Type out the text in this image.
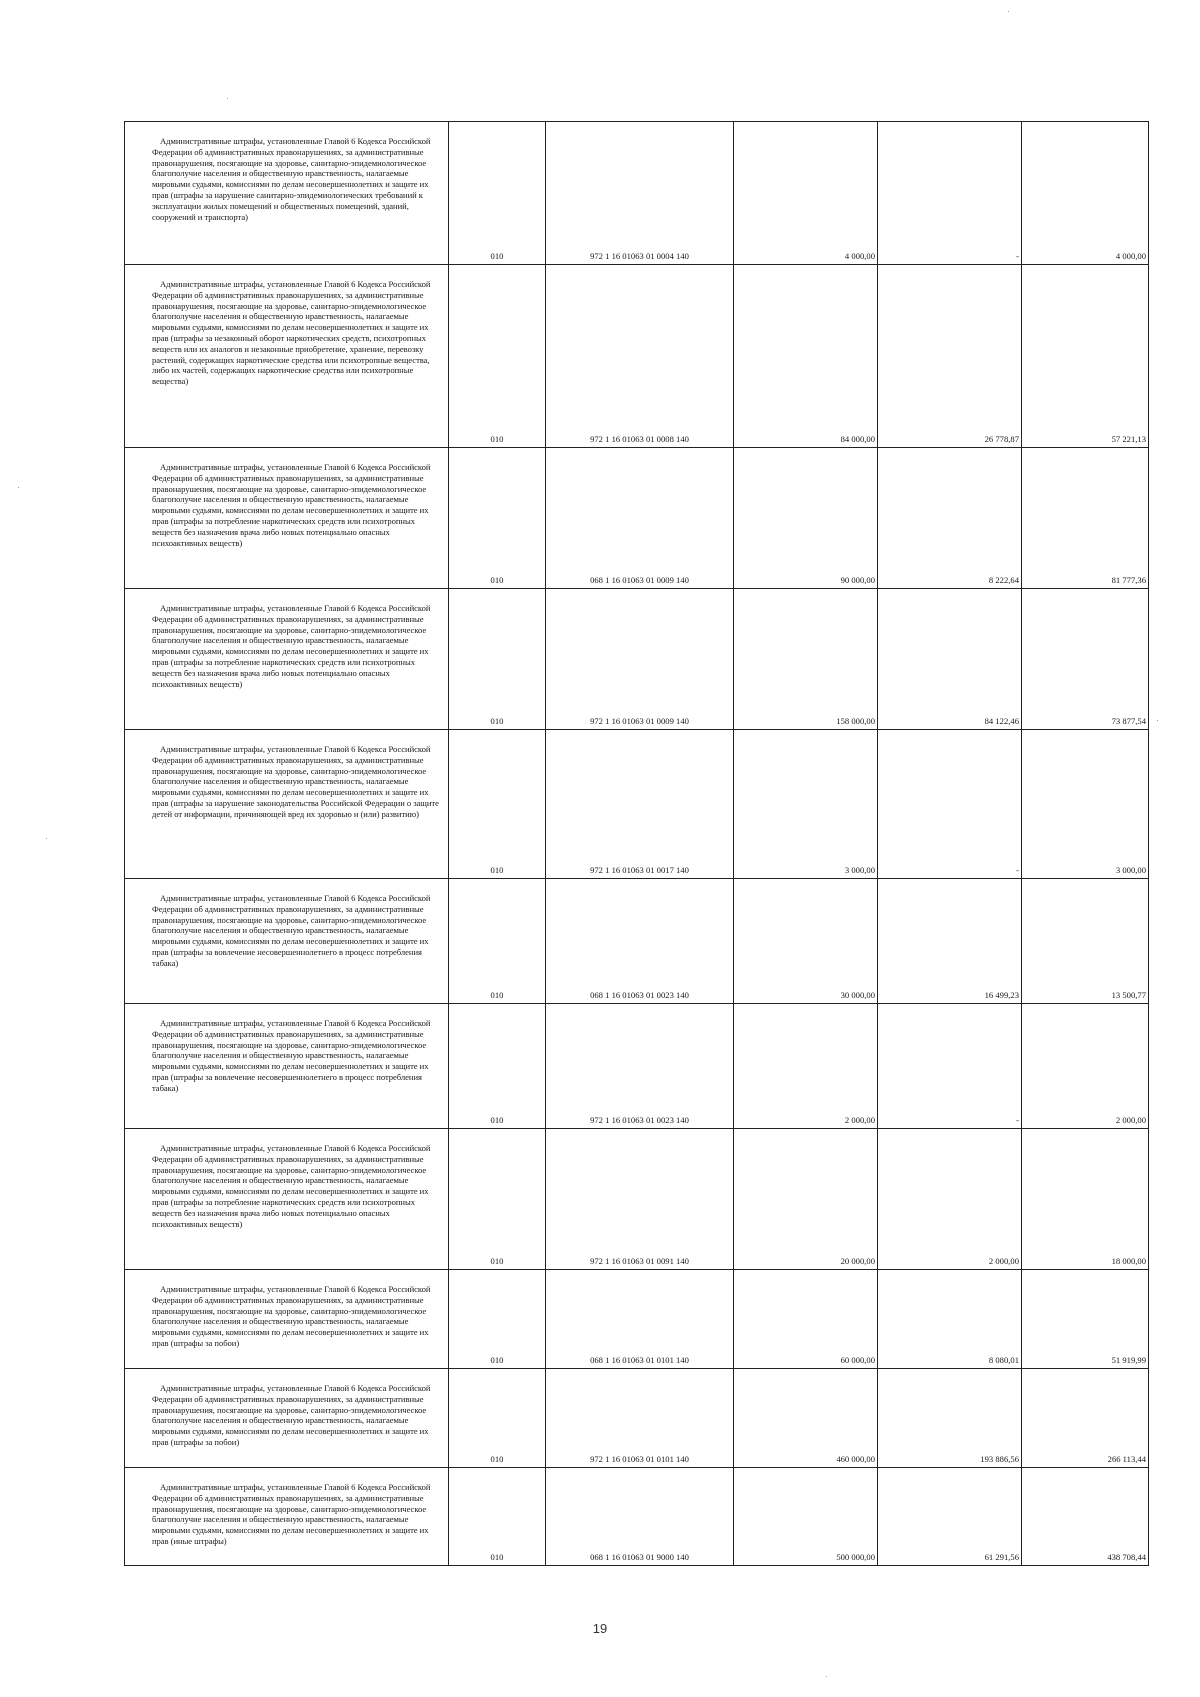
Административные штрафы, установленные Главой 6 Кодекса Российской Федерации об административных правонарушениях, за административные правонарушения, посягающие на здоровье, санитарно-эпидемиологическое благополучие населения и общественную нравственность, налагаемые мировыми судьями, комиссиями по делам несовершеннолетних и защите их прав (штрафы за нарушение санитарно-эпидемиологических требований к эксплуатации жилых помещений и общественных помещений, зданий, сооружений и транспорта)	010	972 1 16 01063 01 0004 140	4 000,00	-	4 000,00
Административные штрафы, установленные Главой 6 Кодекса Российской Федерации об административных правонарушениях, за административные правонарушения, посягающие на здоровье, санитарно-эпидемиологическое благополучие населения и общественную нравственность, налагаемые мировыми судьями, комиссиями по делам несовершеннолетних и защите их прав (штрафы за незаконный оборот наркотических средств, психотропных веществ или их аналогов и незаконные приобретение, хранение, перевозку растений, содержащих наркотические средства или психотропные вещества, либо их частей, содержащих наркотические средства или психотропные вещества)	010	972 1 16 01063 01 0008 140	84 000,00	26 778,87	57 221,13
Административные штрафы, установленные Главой 6 Кодекса Российской Федерации об административных правонарушениях, за административные правонарушения, посягающие на здоровье, санитарно-эпидемиологическое благополучие населения и общественную нравственность, налагаемые мировыми судьями, комиссиями по делам несовершеннолетних и защите их прав (штрафы за потребление наркотических средств или психотропных веществ без назначения врача либо новых потенциально опасных психоактивных веществ)	010	068 1 16 01063 01 0009 140	90 000,00	8 222,64	81 777,36
Административные штрафы, установленные Главой 6 Кодекса Российской Федерации об административных правонарушениях, за административные правонарушения, посягающие на здоровье, санитарно-эпидемиологическое благополучие населения и общественную нравственность, налагаемые мировыми судьями, комиссиями по делам несовершеннолетних и защите их прав (штрафы за потребление наркотических средств или психотропных веществ без назначения врача либо новых потенциально опасных психоактивных веществ)	010	972 1 16 01063 01 0009 140	158 000,00	84 122,46	73 877,54
Административные штрафы, установленные Главой 6 Кодекса Российской Федерации об административных правонарушениях, за административные правонарушения, посягающие на здоровье, санитарно-эпидемиологическое благополучие населения и общественную нравственность, налагаемые мировыми судьями, комиссиями по делам несовершеннолетних и защите их прав (штрафы за нарушение законодательства Российской Федерации о защите детей от информации, причиняющей вред их здоровью и (или) развитию)	010	972 1 16 01063 01 0017 140	3 000,00	-	3 000,00
Административные штрафы, установленные Главой 6 Кодекса Российской Федерации об административных правонарушениях, за административные правонарушения, посягающие на здоровье, санитарно-эпидемиологическое благополучие населения и общественную нравственность, налагаемые мировыми судьями, комиссиями по делам несовершеннолетних и защите их прав (штрафы за вовлечение несовершеннолетнего в процесс потребления табака)	010	068 1 16 01063 01 0023 140	30 000,00	16 499,23	13 500,77
Административные штрафы, установленные Главой 6 Кодекса Российской Федерации об административных правонарушениях, за административные правонарушения, посягающие на здоровье, санитарно-эпидемиологическое благополучие населения и общественную нравственность, налагаемые мировыми судьями, комиссиями по делам несовершеннолетних и защите их прав (штрафы за вовлечение несовершеннолетнего в процесс потребления табака)	010	972 1 16 01063 01 0023 140	2 000,00	-	2 000,00
Административные штрафы, установленные Главой 6 Кодекса Российской Федерации об административных правонарушениях, за административные правонарушения, посягающие на здоровье, санитарно-эпидемиологическое благополучие населения и общественную нравственность, налагаемые мировыми судьями, комиссиями по делам несовершеннолетних и защите их прав (штрафы за потребление наркотических средств или психотропных веществ без назначения врача либо новых потенциально опасных психоактивных веществ)	010	972 1 16 01063 01 0091 140	20 000,00	2 000,00	18 000,00
Административные штрафы, установленные Главой 6 Кодекса Российской Федерации об административных правонарушениях, за административные правонарушения, посягающие на здоровье, санитарно-эпидемиологическое благополучие населения и общественную нравственность, налагаемые мировыми судьями, комиссиями по делам несовершеннолетних и защите их прав (штрафы за побои)	010	068 1 16 01063 01 0101 140	60 000,00	8 080,01	51 919,99
Административные штрафы, установленные Главой 6 Кодекса Российской Федерации об административных правонарушениях, за административные правонарушения, посягающие на здоровье, санитарно-эпидемиологическое благополучие населения и общественную нравственность, налагаемые мировыми судьями, комиссиями по делам несовершеннолетних и защите их прав (штрафы за побои)	010	972 1 16 01063 01 0101 140	460 000,00	193 886,56	266 113,44
Административные штрафы, установленные Главой 6 Кодекса Российской Федерации об административных правонарушениях, за административные правонарушения, посягающие на здоровье, санитарно-эпидемиологическое благополучие населения и общественную нравственность, налагаемые мировыми судьями, комиссиями по делам несовершеннолетних и защите их прав (иные штрафы)	010	068 1 16 01063 01 9000 140	500 000,00	61 291,56	438 708,44
19
